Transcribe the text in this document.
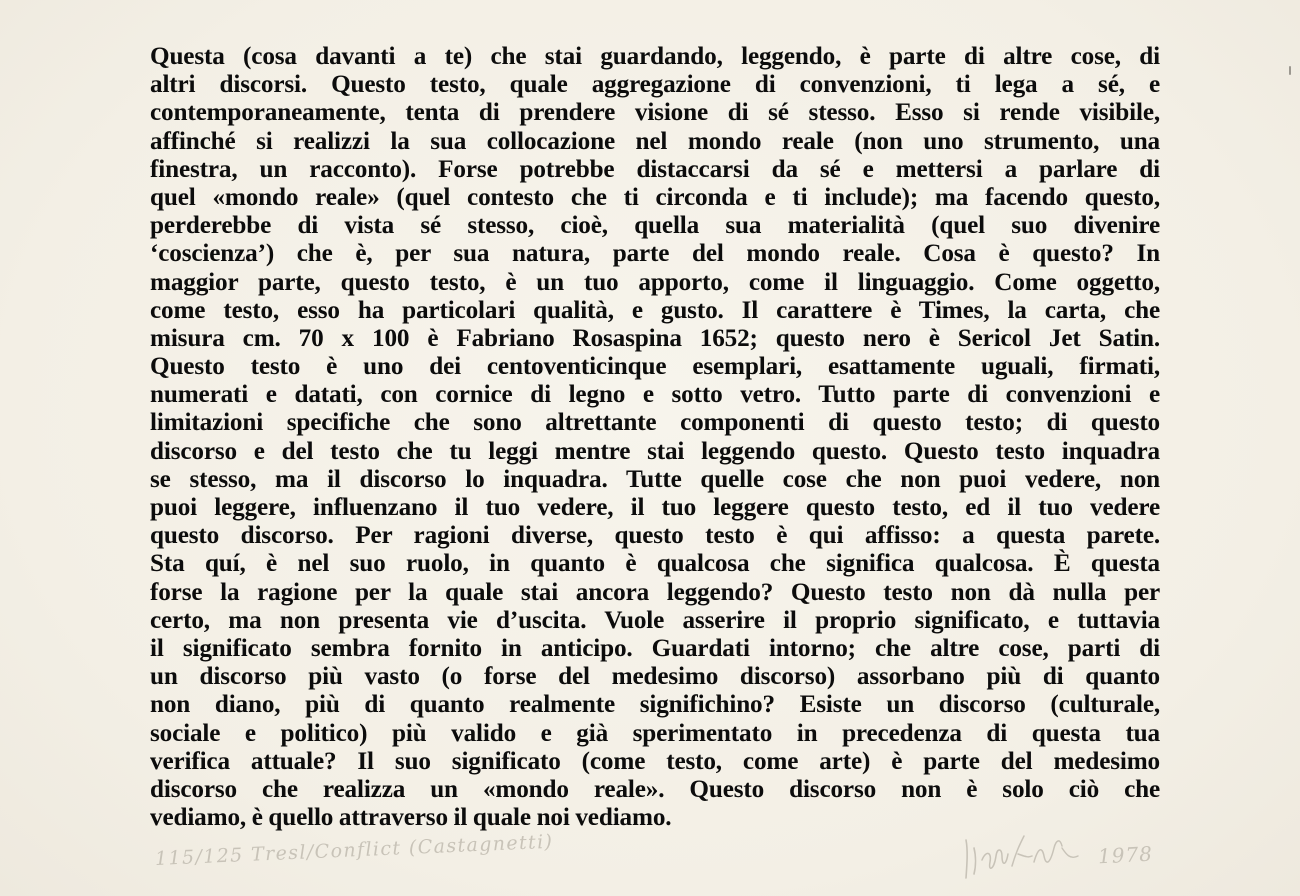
Questa (cosa davanti a te) che stai guardando, leggendo, è parte di altre cose, di
altri discorsi. Questo testo, quale aggregazione di convenzioni, ti lega a sé, e
contemporaneamente, tenta di prendere visione di sé stesso. Esso si rende visibile,
affinché si realizzi la sua collocazione nel mondo reale (non uno strumento, una
finestra, un racconto). Forse potrebbe distaccarsi da sé e mettersi a parlare di
quel «mondo reale» (quel contesto che ti circonda e ti include); ma facendo questo,
perderebbe di vista sé stesso, cioè, quella sua materialità (quel suo divenire
‘coscienza’) che è, per sua natura, parte del mondo reale. Cosa è questo? In
maggior parte, questo testo, è un tuo apporto, come il linguaggio. Come oggetto,
come testo, esso ha particolari qualità, e gusto. Il carattere è Times, la carta, che
misura cm. 70 x 100 è Fabriano Rosaspina 1652; questo nero è Sericol Jet Satin.
Questo testo è uno dei centoventicinque esemplari, esattamente uguali, firmati,
numerati e datati, con cornice di legno e sotto vetro. Tutto parte di convenzioni e
limitazioni specifiche che sono altrettante componenti di questo testo; di questo
discorso e del testo che tu leggi mentre stai leggendo questo. Questo testo inquadra
se stesso, ma il discorso lo inquadra. Tutte quelle cose che non puoi vedere, non
puoi leggere, influenzano il tuo vedere, il tuo leggere questo testo, ed il tuo vedere
questo discorso. Per ragioni diverse, questo testo è qui affisso: a questa parete.
Sta quí, è nel suo ruolo, in quanto è qualcosa che significa qualcosa. È questa
forse la ragione per la quale stai ancora leggendo? Questo testo non dà nulla per
certo, ma non presenta vie d’uscita. Vuole asserire il proprio significato, e tuttavia
il significato sembra fornito in anticipo. Guardati intorno; che altre cose, parti di
un discorso più vasto (o forse del medesimo discorso) assorbano più di quanto
non diano, più di quanto realmente significhino? Esiste un discorso (culturale,
sociale e politico) più valido e già sperimentato in precedenza di questa tua
verifica attuale? Il suo significato (come testo, come arte) è parte del medesimo
discorso che realizza un «mondo reale». Questo discorso non è solo ciò che
vediamo, è quello attraverso il quale noi vediamo.
115/125 Tresl/Conflict (Castagnetti)	1978
